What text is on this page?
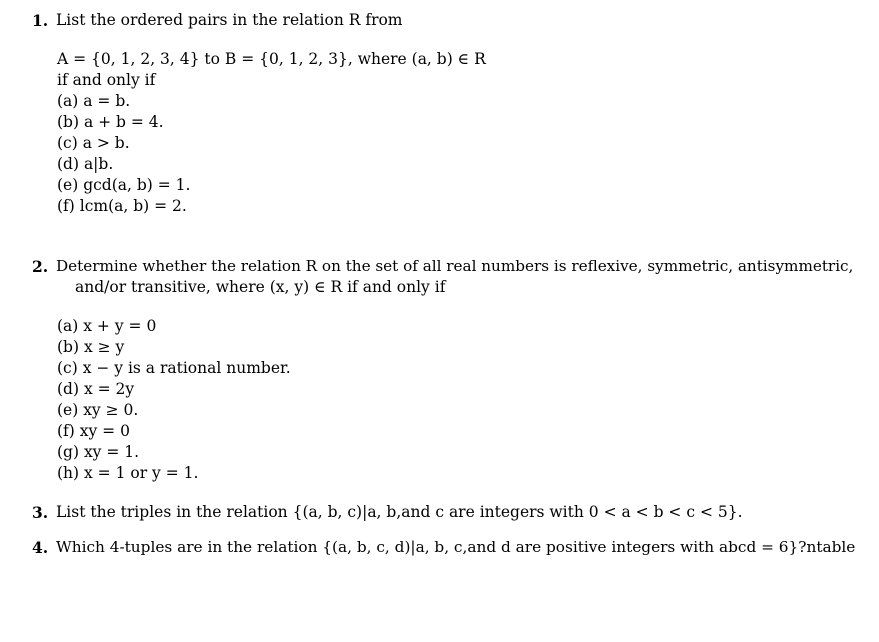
1. List the ordered pairs in the relation R from
A = {0, 1, 2, 3, 4} to B = {0, 1, 2, 3}, where (a, b) ∈ R
if and only if
(a) a = b.
(b) a + b = 4.
(c) a > b.
(d) a|b.
(e) gcd(a, b) = 1.
(f) lcm(a, b) = 2.
2. Determine whether the relation R on the set of all real numbers is reflexive, symmetric, antisymmetric,
and/or transitive, where (x, y) ∈ R if and only if
(a) x + y = 0
(b) x ≥ y
(c) x − y is a rational number.
(d) x = 2y
(e) xy ≥ 0.
(f) xy = 0
(g) xy = 1.
(h) x = 1 or y = 1.
3. List the triples in the relation {(a, b, c)|a, b,and c are integers with 0 < a < b < c < 5}.
4. Which 4-tuples are in the relation {(a, b, c, d)|a, b, c,and d are positive integers with abcd = 6}?ntable
